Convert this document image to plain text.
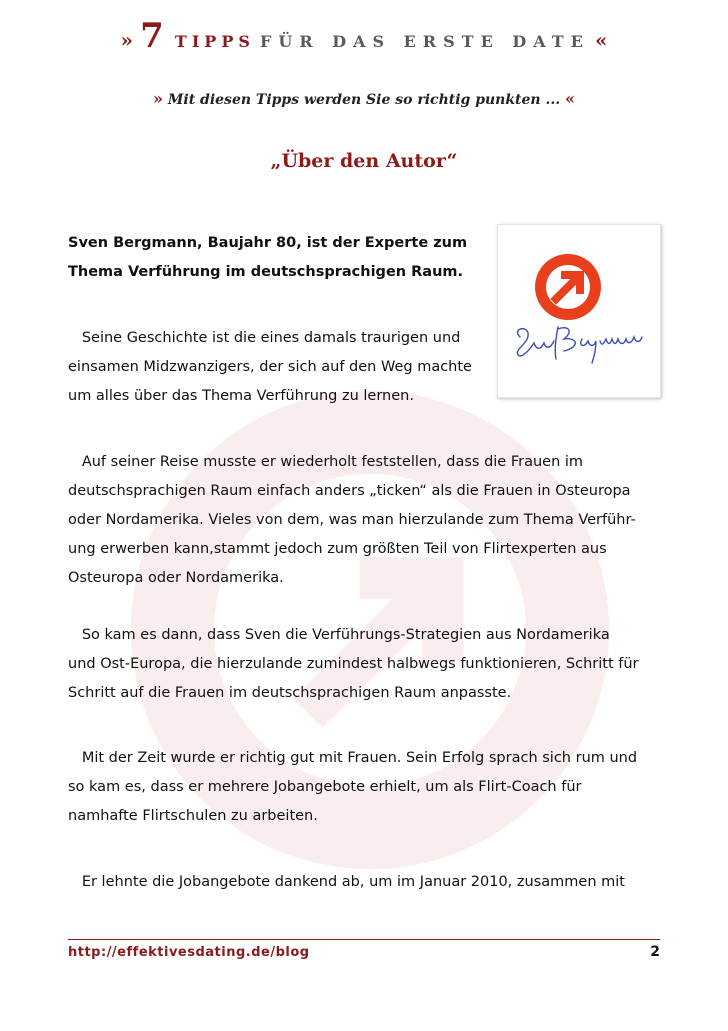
» 7 TIPPS FÜR DAS ERSTE DATE «
» Mit diesen Tipps werden Sie so richtig punkten ... «
„Über den Autor“
Sven Bergmann, Baujahr 80, ist der Experte zum
Thema Verführung im deutschsprachigen Raum.
Seine Geschichte ist die eines damals traurigen und
einsamen Midzwanzigers, der sich auf den Weg machte
um alles über das Thema Verführung zu lernen.
Auf seiner Reise musste er wiederholt feststellen, dass die Frauen im
deutschsprachigen Raum einfach anders „ticken“ als die Frauen in Osteuropa
oder Nordamerika. Vieles von dem, was man hierzulande zum Thema Verführ-
ung erwerben kann,stammt jedoch zum größten Teil von Flirtexperten aus
Osteuropa oder Nordamerika.
So kam es dann, dass Sven die Verführungs-Strategien aus Nordamerika
und Ost-Europa, die hierzulande zumindest halbwegs funktionieren, Schritt für
Schritt auf die Frauen im deutschsprachigen Raum anpasste.
Mit der Zeit wurde er richtig gut mit Frauen. Sein Erfolg sprach sich rum und
so kam es, dass er mehrere Jobangebote erhielt, um als Flirt-Coach für
namhafte Flirtschulen zu arbeiten.
Er lehnte die Jobangebote dankend ab, um im Januar 2010, zusammen mit
http://effektivesdating.de/blog	2
